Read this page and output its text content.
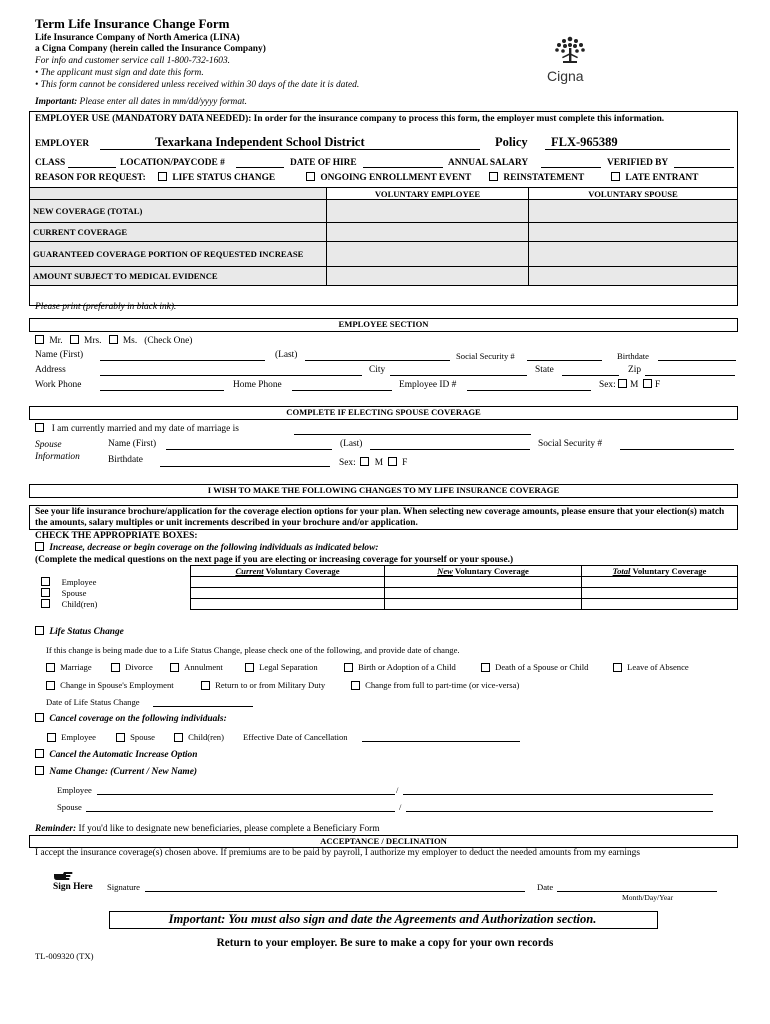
Term Life Insurance Change Form
Life Insurance Company of North America (LINA)
a Cigna Company (herein called the Insurance Company)
For info and customer service call 1-800-732-1603.
• The applicant must sign and date this form.
• This form cannot be considered unless received within 30 days of the date it is dated.
Important: Please enter all dates in mm/dd/yyyy format.
Cigna
EMPLOYER USE (MANDATORY DATA NEEDED): In order for the insurance company to process this form, the employer must complete this information.
EMPLOYER	Texarkana Independent School District	Policy FLX-965389
CLASS	LOCATION/PAYCODE #	DATE OF HIRE	ANNUAL SALARY	VERIFIED BY
REASON FOR REQUEST:	LIFE STATUS CHANGE	ONGOING ENROLLMENT EVENT	REINSTATEMENT	LATE ENTRANT
	VOLUNTARY EMPLOYEE	VOLUNTARY SPOUSE
NEW COVERAGE (TOTAL)		
CURRENT COVERAGE		
GUARANTEED COVERAGE PORTION OF REQUESTED INCREASE		
AMOUNT SUBJECT TO MEDICAL EVIDENCE		
Please print (preferably in black ink).
EMPLOYEE SECTION
Mr. Mrs. Ms. (Check One)
Name (First)	(Last)	Social Security #	Birthdate
Address	City	State	Zip
Work Phone	Home Phone	Employee ID #	Sex: M F
COMPLETE IF ELECTING SPOUSE COVERAGE
I am currently married and my date of marriage is
Spouse
Information
Name (First)	(Last)	Social Security #
Birthdate	Sex: M F
I WISH TO MAKE THE FOLLOWING CHANGES TO MY LIFE INSURANCE COVERAGE
See your life insurance brochure/application for the coverage election options for your plan. When selecting new coverage amounts, please ensure that your election(s) match the amounts, salary multiples or unit increments described in your brochure and/or application.
CHECK THE APPROPRIATE BOXES:
Increase, decrease or begin coverage on the following individuals as indicated below:
(Complete the medical questions on the next page if you are electing or increasing coverage for yourself or your spouse.)
	Current Voluntary Coverage	New Voluntary Coverage	Total Voluntary Coverage
Employee			
Spouse			
Child(ren)			
Life Status Change
If this change is being made due to a Life Status Change, please check one of the following, and provide date of change.
Marriage	Divorce	Annulment	Legal Separation	Birth or Adoption of a Child	Death of a Spouse or Child	Leave of Absence
Change in Spouse's Employment	Return to or from Military Duty	Change from full to part-time (or vice-versa)
Date of Life Status Change
Cancel coverage on the following individuals:
Employee	Spouse	Child(ren) Effective Date of Cancellation
Cancel the Automatic Increase Option
Name Change: (Current / New Name)
Employee	/
Spouse	/
Reminder: If you'd like to designate new beneficiaries, please complete a Beneficiary Form
ACCEPTANCE / DECLINATION
I accept the insurance coverage(s) chosen above. If premiums are to be paid by payroll, I authorize my employer to deduct the needed amounts from my earnings
Sign Here Signature	Date
Month/Day/Year
Important: You must also sign and date the Agreements and Authorization section.
Return to your employer. Be sure to make a copy for your own records
TL-009320 (TX)
